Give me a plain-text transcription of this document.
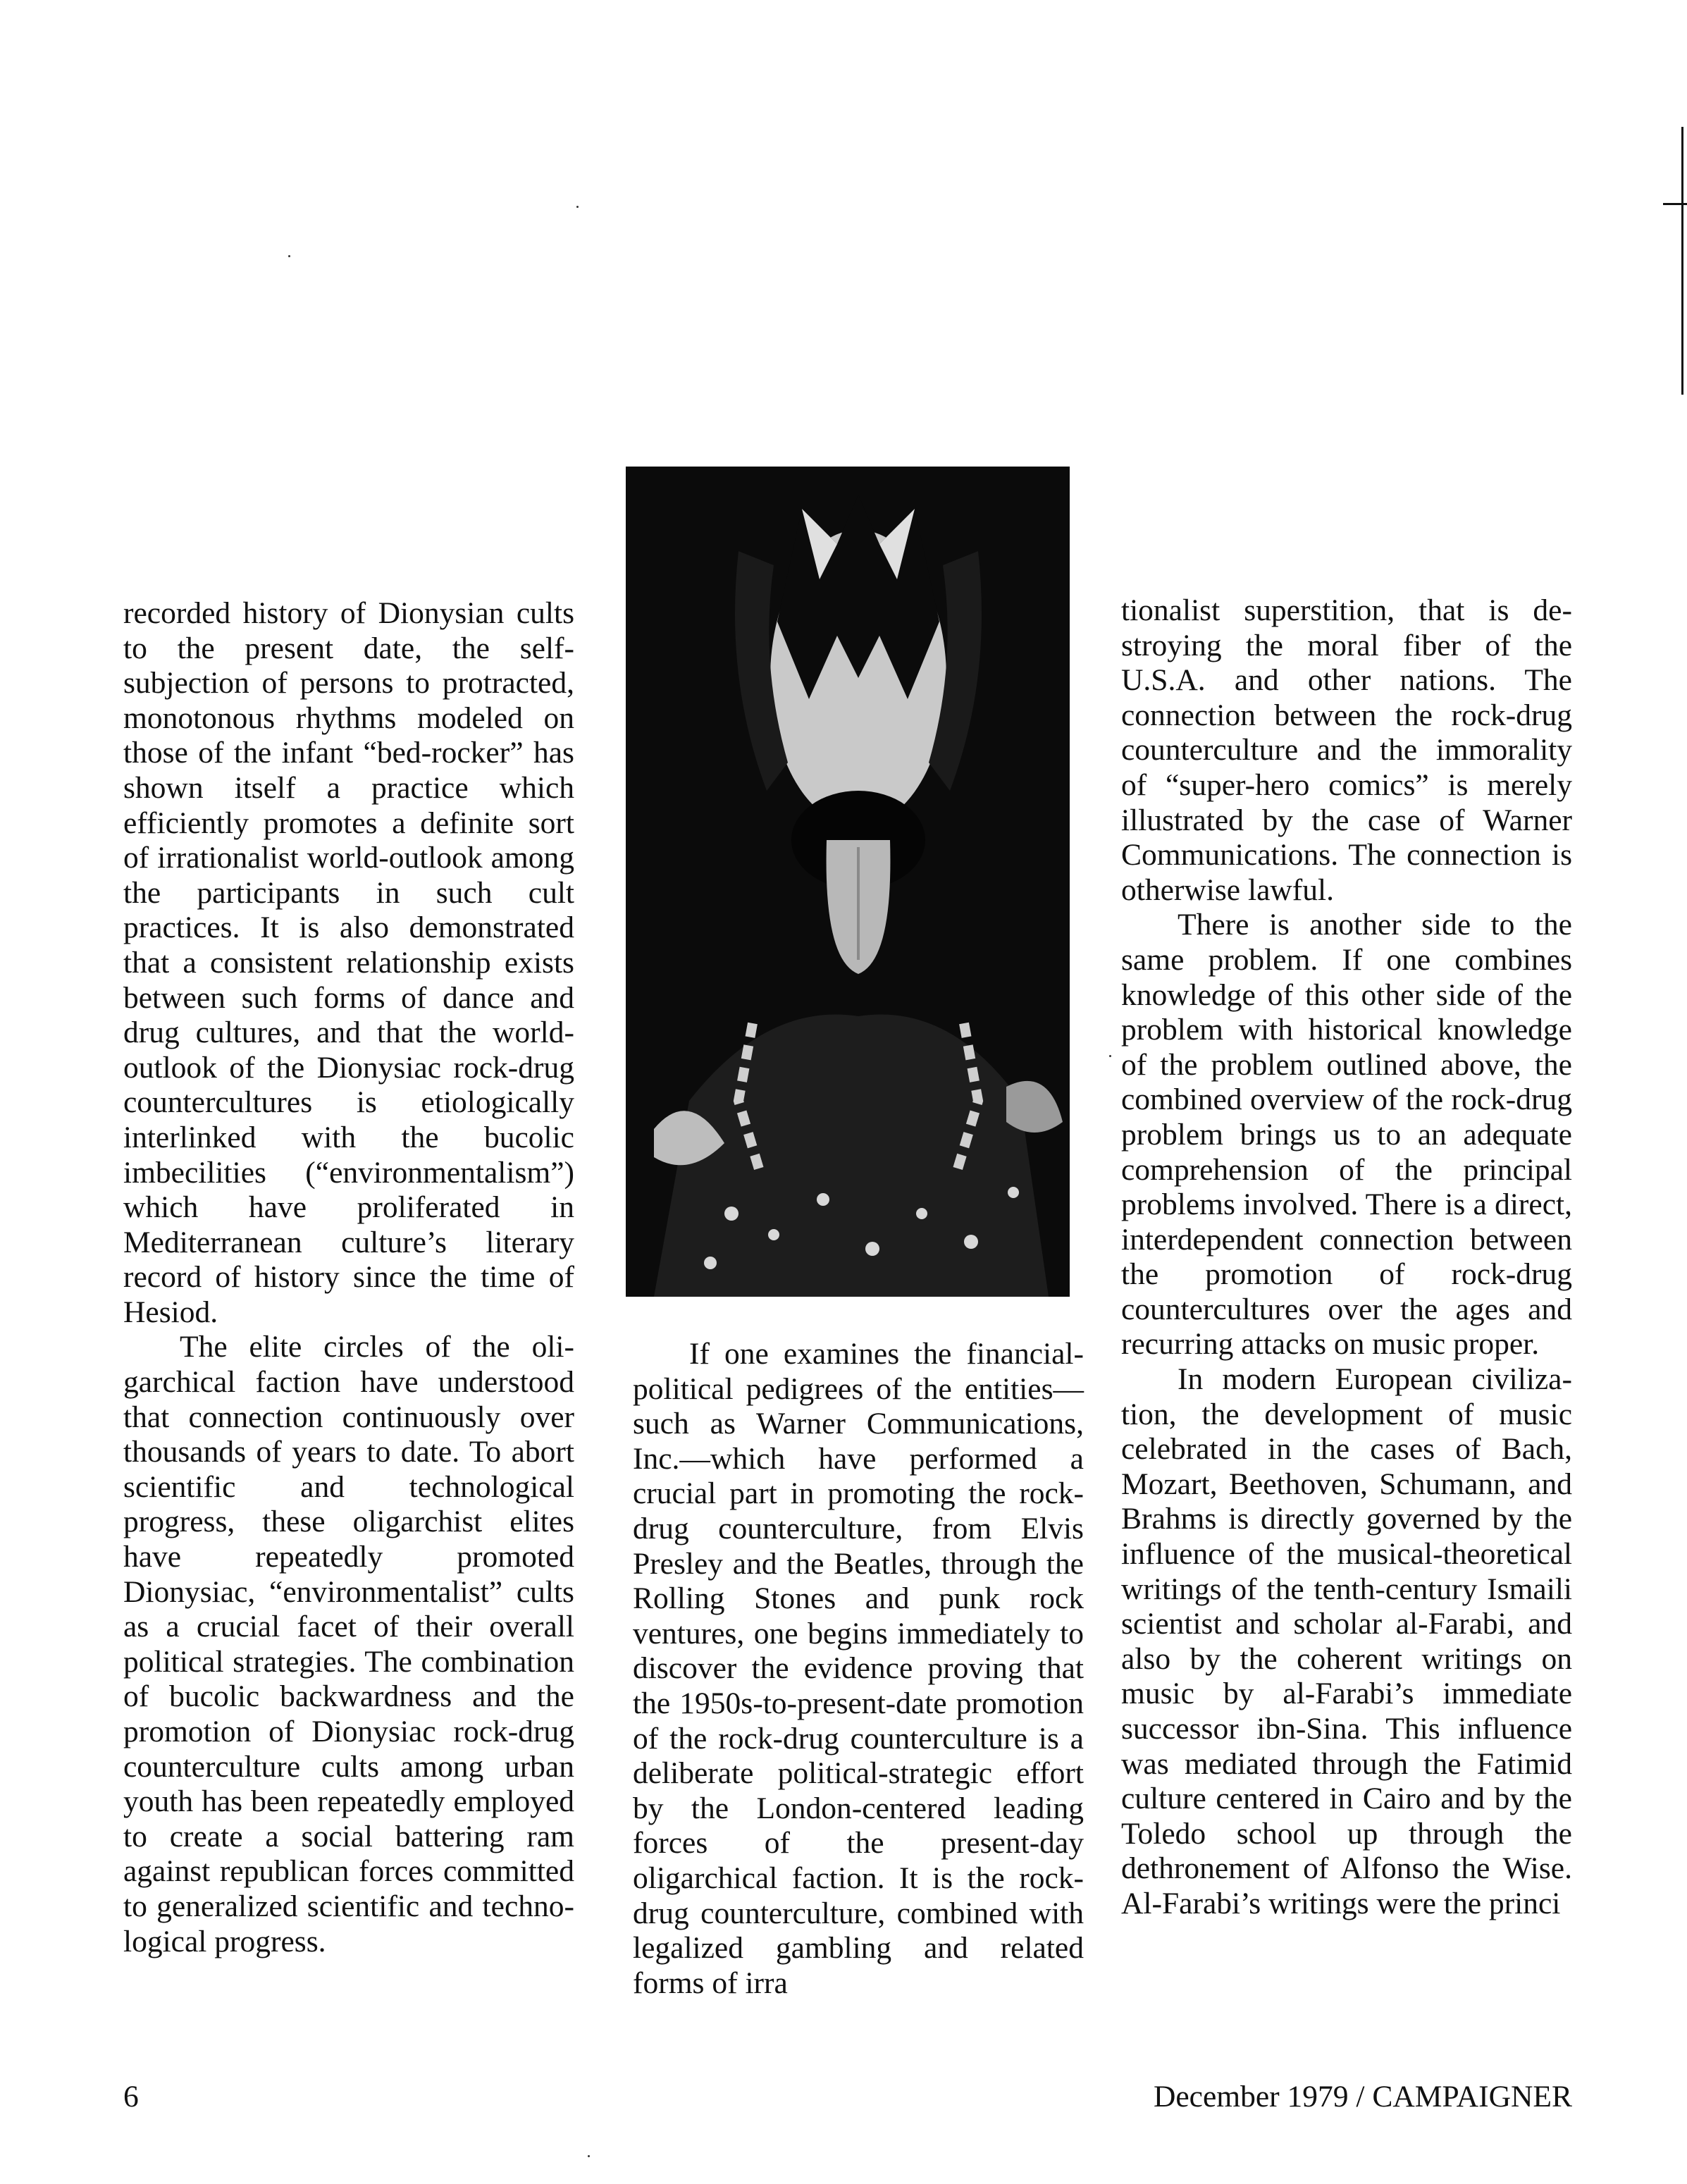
recorded history of Dionysian cults to the present date, the self-subjection of persons to protracted, monotonous rhythms modeled on those of the infant “bed-rocker” has shown itself a practice which efficiently promotes a definite sort of irrationalist world-outlook among the participants in such cult practices. It is also demonstrated that a consistent relationship exists between such forms of dance and drug cultures, and that the world-outlook of the Dionysiac rock-drug countercultures is etiologically interlinked with the bucolic imbecilities (“environmentalism”) which have proliferated in Mediterranean culture’s literary record of history since the time of Hesiod.

The elite circles of the oligarchical faction have understood that connection continuously over thousands of years to date. To abort scientific and technological progress, these oligarchist elites have repeatedly promoted Dionysiac, “environmentalist” cults as a crucial facet of their overall political strategies. The combination of bucolic backwardness and the promotion of Dionysiac rock-drug counterculture cults among urban youth has been repeatedly employed to create a social battering ram against republican forces committed to generalized scientific and technological progress.

If one examines the financial-political pedigrees of the entities—such as Warner Communications, Inc.—which have performed a crucial part in promoting the rock-drug counterculture, from Elvis Presley and the Beatles, through the Rolling Stones and punk rock ventures, one begins immediately to discover the evidence proving that the 1950s-to-present-date promotion of the rock-drug counterculture is a deliberate political-strategic effort by the London-centered leading forces of the present-day oligarchical faction. It is the rock-drug counterculture, combined with legalized gambling and related forms of irra

tionalist superstition, that is destroying the moral fiber of the U.S.A. and other nations. The connection between the rock-drug counterculture and the immorality of “super-hero comics” is merely illustrated by the case of Warner Communications. The connection is otherwise lawful.

There is another side to the same problem. If one combines knowledge of this other side of the problem with historical knowledge of the problem outlined above, the combined overview of the rock-drug problem brings us to an adequate comprehension of the principal problems involved. There is a direct, interdependent connection between the promotion of rock-drug countercultures over the ages and recurring attacks on music proper.

In modern European civilization, the development of music celebrated in the cases of Bach, Mozart, Beethoven, Schumann, and Brahms is directly governed by the influence of the musical-theoretical writings of the tenth-century Ismaili scientist and scholar al-Farabi, and also by the coherent writings on music by al-Farabi’s immediate successor ibn-Sina. This influence was mediated through the Fatimid culture centered in Cairo and by the Toledo school up through the dethronement of Alfonso the Wise. Al-Farabi’s writings were the princi

6	December 1979 / CAMPAIGNER
